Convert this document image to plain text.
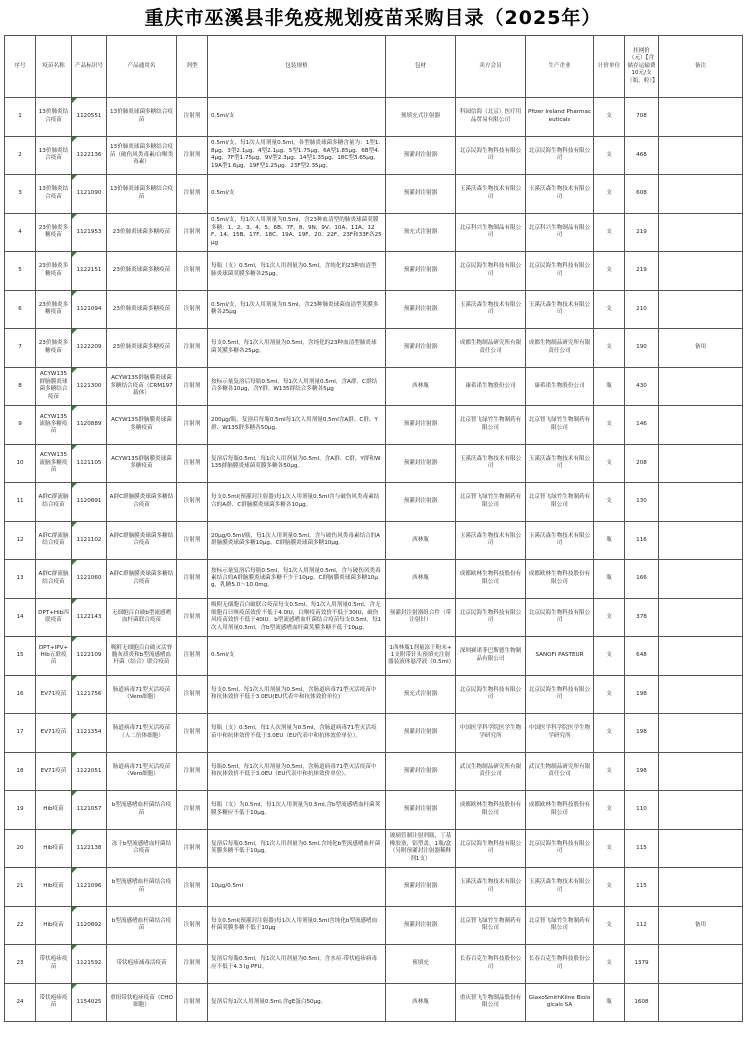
重庆市巫溪县非免疫规划疫苗采购目录（2025年）
序号	疫苗名称	产品标识号	产品通用名	剂型	包装规格	包材	卖方会员	生产企业	计价单位	挂网价（元）【含储存运输费10元/支（瓶、粒）】	备注
1	13价肺炎结合疫苗	1120551	13价肺炎球菌多糖结合疫苗	注射剂	0.5ml/支	预填充式注射器	科园信海（北京）医疗用品贸易有限公司	Pfizer Ireland Pharmaceuticals	支	708	
2	13价肺炎结合疫苗	1122136	13价肺炎球菌多糖结合疫苗（破伤风类毒素/白喉类毒素）	注射剂	0.5ml/支，每1次人用剂量0.5ml，各型肺炎球菌多糖含量为：1型1.8μg、3型2.1μg、4型2.1μg、5型1.75μg、6A型1.85μg、6B型4.4μg、7F型1.75μg、9V型2.3μg、14型1.35μg、18C型3.65μg、19A型1.6μg、19F型1.25μg、23F型2.35μg。	预灌封注射器	北京民海生物科技有限公司	北京民海生物科技有限公司	支	468	
3	13价肺炎结合疫苗	1121090	13价肺炎球菌多糖结合疫苗	注射剂	0.5ml/支	预灌封注射器	玉溪沃森生物技术有限公司	玉溪沃森生物技术有限公司	支	608	
4	23价肺炎多糖疫苗	1121953	23价肺炎球菌多糖疫苗	注射剂	0.5ml/支，每1次人用剂量为0.5ml，含23种血清型的肺炎球菌荚膜多糖：1、2、3、4、5、6B、7F、8、9N、9V、10A、11A、12F、14、15B、17F、18C、19A、19F、20、22F、23F和33F各25μg	预充式注射器	北京科兴生物制品有限公司	北京科兴生物制品有限公司	支	219	
5	23价肺炎多糖疫苗	1122151	23价肺炎球菌多糖疫苗	注射剂	每瓶（支）0.5ml，每1次人用剂量为0.5ml，含纯化的23种血清型肺炎球菌荚膜多糖各25μg。	预灌封注射器	北京民海生物科技有限公司	北京民海生物科技有限公司	支	219	
6	23价肺炎多糖疫苗	1121094	23价肺炎球菌多糖疫苗	注射剂	0.5ml/支，每1次人用剂量为0.5ml，含23种肺炎球菌血清型荚膜多糖各25μg	预灌封注射器	玉溪沃森生物技术有限公司	玉溪沃森生物技术有限公司	支	210	
7	23价肺炎多糖疫苗	1122209	23价肺炎球菌多糖疫苗	注射剂	每支0.5ml，每1次人用剂量为0.5ml，含纯化的23种血清型肺炎球菌荚膜多糖各25μg。	预灌封注射器	成都生物制品研究所有限责任公司	成都生物制品研究所有限责任公司	支	190	备用
8	ACYW135群脑膜炎球菌多糖结合疫苗	1121300	ACYW135群脑膜炎球菌多糖结合疫苗（CRM197载体）	注射剂	按标示量复溶后每瓶0.5ml，每1次人用剂量0.5ml，含A群、C群结合多糖各10μg，含Y群、W135群结合多糖各5μg	西林瓶	康希诺生物股份公司	康希诺生物股份公司	瓶	430	
9	ACYW135流脑多糖疫苗	1120889	ACYW135群脑膜炎球菌多糖疫苗	注射剂	200μg/瓶，复溶后每瓶0.5ml每1次人用剂量0.5ml含A群、C群、Y群、W135群多糖各50μg。	预灌封注射器	北京智飞绿竹生物制药有限公司	北京智飞绿竹生物制药有限公司	支	146	
10	ACYW135流脑多糖疫苗	1121105	ACYW135群脑膜炎球菌多糖疫苗	注射剂	复溶后每瓶0.5ml，每1次人用剂量为0.5ml，含A群、C群、Y群和W135群脑膜炎球菌荚膜多糖各50μg。	预灌封注射器	玉溪沃森生物技术有限公司	玉溪沃森生物技术有限公司	支	208	
11	A群C群流脑结合疫苗	1120891	A群C群脑膜炎球菌多糖结合疫苗	注射剂	每支0.5ml(预灌封注射器)每1次人用剂量0.5ml含与破伤风类毒素结合的A群、C群脑膜炎球菌多糖各10μg。	预灌封注射器	北京智飞绿竹生物制药有限公司	北京智飞绿竹生物制药有限公司	支	130	
12	A群C群流脑结合疫苗	1121102	A群C群脑膜炎球菌多糖结合疫苗	注射剂	20μg/0.5ml/瓶，每1次人用剂量0.5ml，含与破伤风类毒素结合的A群脑膜炎球菌多糖10μg、C群脑膜炎球菌多糖10μg。	西林瓶	玉溪沃森生物技术有限公司	玉溪沃森生物技术有限公司	瓶	116	
13	A群C群流脑结合疫苗	1121060	A群C群脑膜炎球菌多糖结合疫苗	注射剂	按标示量复溶后每瓶0.5ml，每1次人用剂量0.5ml，含与破伤风类毒素结合的A群脑膜炎球菌多糖不少于10μg、C群脑膜炎球菌多糖10μg，乳糖5.0～10.0mg。	西林瓶	成都欧林生物科技股份有限公司	成都欧林生物科技股份有限公司	瓶	166	
14	DPT+Hib四联疫苗	1122143	无细胞百白破b型流感嗜血杆菌联合疫苗	注射剂	吸附无细胞百白破联合疫苗每支0.5ml，每1次人用剂量0.5ml，含无细胞百日咳疫苗效价不低于4.0IU，白喉疫苗效价不低于30IU，破伤风疫苗效价不低于40IU。b型流感嗜血杆菌结合疫苗每支0.5ml，每1次人用剂量0.5ml，含b型流感嗜血杆菌荚膜多糖不低于10μg。	预灌封注射器组合件（带注射针）	北京民海生物科技有限公司	北京民海生物科技有限公司	支	378	
15	DPT+IPV+Hib五联疫苗	1122109	吸附无细胞百白破灭活脊髓灰质炎和b型流感嗜血杆菌（结合）联合疫苗	注射剂	0.5ml/支	1西林瓶1剂量冻干粉末+1支附带针头预填充注射器装液体悬浮液（0.5ml）	深圳赛诺菲巴斯德生物制品有限公司	SANOFI PASTEUR	支	648	
16	EV71疫苗	1121756	肠道病毒71型灭活疫苗（Vero细胞）	注射剂	每支0.5ml，每1次人用剂量为0.5ml，含肠道病毒71型灭活疫苗中和抗体效价不低于3.0EU(EU代表中和抗体效价单位)	预充式注射器	北京民海生物科技有限公司	北京民海生物科技有限公司	支	198	
17	EV71疫苗	1121354	肠道病毒71型灭活疫苗（人二倍体细胞）	注射剂	每瓶（支）0.5ml，每1人次剂量为0.5ml，含肠道病毒71型灭活疫苗中和抗体效价不低于3.0EU（EU代表中和抗体效价单位）。	预灌封注射器	中国医学科学院医学生物学研究所	中国医学科学院医学生物学研究所	支	198	
18	EV71疫苗	1122051	肠道病毒71型灭活疫苗（Vero细胞）	注射剂	每瓶0.5ml，每1次人用剂量为0.5ml，含肠道病毒71型灭活疫苗中和抗体效价不低于3.0EU（EU代表中和抗体效价单位）。	预灌封注射器	武汉生物制品研究所有限责任公司	武汉生物制品研究所有限责任公司	支	198	
19	Hib疫苗	1121057	b型流感嗜血杆菌结合疫苗	注射剂	每瓶（支）为0.5ml，每1次人用剂量为0.5ml,含b型流感嗜血杆菌荚膜多糖应不低于10μg。	预灌封注射器	成都欧林生物科技股份有限公司	成都欧林生物科技股份有限公司	支	110	
20	Hib疫苗	1122138	冻干b型流感嗜血杆菌结合疫苗	注射剂	复溶后每瓶0.5ml，每1次人用剂量为0.5ml,含纯化b型流感嗜血杆菌荚膜多糖不低于10μg。	玻璃管制注射剂瓶，丁基橡胶塞，铝塑盖，1瓶/盒（另附预灌封注射器稀释剂1支）	北京民海生物科技有限公司	北京民海生物科技有限公司	支	115	
21	Hib疫苗	1121096	b型流感嗜血杆菌结合疫苗	注射剂	10μg/0.5ml	预灌封注射器	玉溪沃森生物技术有限公司	玉溪沃森生物技术有限公司	支	115	
22	Hib疫苗	1120892	b型流感嗜血杆菌结合疫苗	注射剂	每支0.5ml(预灌封注射器)每1次人用剂量0.5ml含纯化b型流感嗜血杆菌荚膜多糖不低于10μg	预灌封注射器	北京智飞绿竹生物制药有限公司	北京智飞绿竹生物制药有限公司	支	112	备用
23	带状疱疹疫苗	1121592	带状疱疹减毒活疫苗	注射剂	复溶后每瓶0.5ml，每1次人用剂量为0.5ml，含水痘-带状疱疹病毒应不低于4.3 lg PFU。	预填充	长春百克生物科技股份公司	长春百克生物科技股份公司	支	1379	
24	带状疱疹疫苗	1154025	重组带状疱疹疫苗（CHO细胞）	注射剂	复溶后每1次人用剂量0.5ml,含gE蛋白50μg。	西林瓶	重庆智飞生物制品股份有限公司	GlaxoSmithKline Biologicals SA	瓶	1608	
